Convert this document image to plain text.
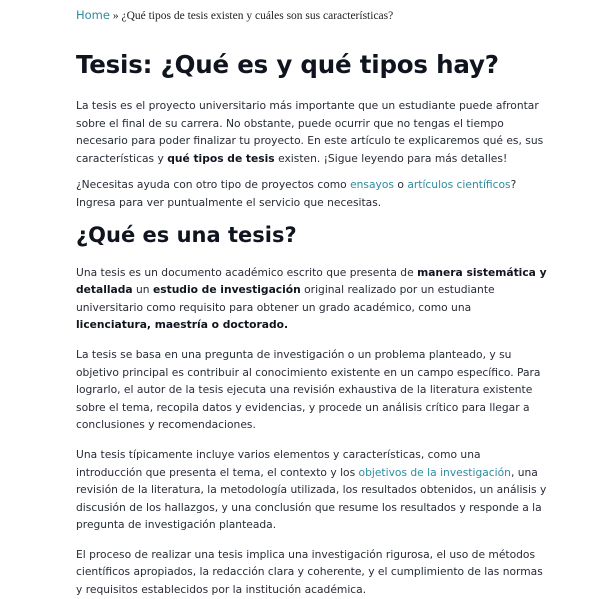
Home » ¿Qué tipos de tesis existen y cuáles son sus características?
Tesis: ¿Qué es y qué tipos hay?

La tesis es el proyecto universitario más importante que un estudiante puede afrontar sobre el final de su carrera. No obstante, puede ocurrir que no tengas el tiempo necesario para poder finalizar tu proyecto. En este artículo te explicaremos qué es, sus características y qué tipos de tesis existen. ¡Sigue leyendo para más detalles!

¿Necesitas ayuda con otro tipo de proyectos como ensayos o artículos científicos? Ingresa para ver puntualmente el servicio que necesitas.

¿Qué es una tesis?

Una tesis es un documento académico escrito que presenta de manera sistemática y detallada un estudio de investigación original realizado por un estudiante universitario como requisito para obtener un grado académico, como una licenciatura, maestría o doctorado.

La tesis se basa en una pregunta de investigación o un problema planteado, y su objetivo principal es contribuir al conocimiento existente en un campo específico. Para lograrlo, el autor de la tesis ejecuta una revisión exhaustiva de la literatura existente sobre el tema, recopila datos y evidencias, y procede un análisis crítico para llegar a conclusiones y recomendaciones.

Una tesis típicamente incluye varios elementos y características, como una introducción que presenta el tema, el contexto y los objetivos de la investigación, una revisión de la literatura, la metodología utilizada, los resultados obtenidos, un análisis y discusión de los hallazgos, y una conclusión que resume los resultados y responde a la pregunta de investigación planteada.

El proceso de realizar una tesis implica una investigación rigurosa, el uso de métodos científicos apropiados, la redacción clara y coherente, y el cumplimiento de las normas y requisitos establecidos por la institución académica.
